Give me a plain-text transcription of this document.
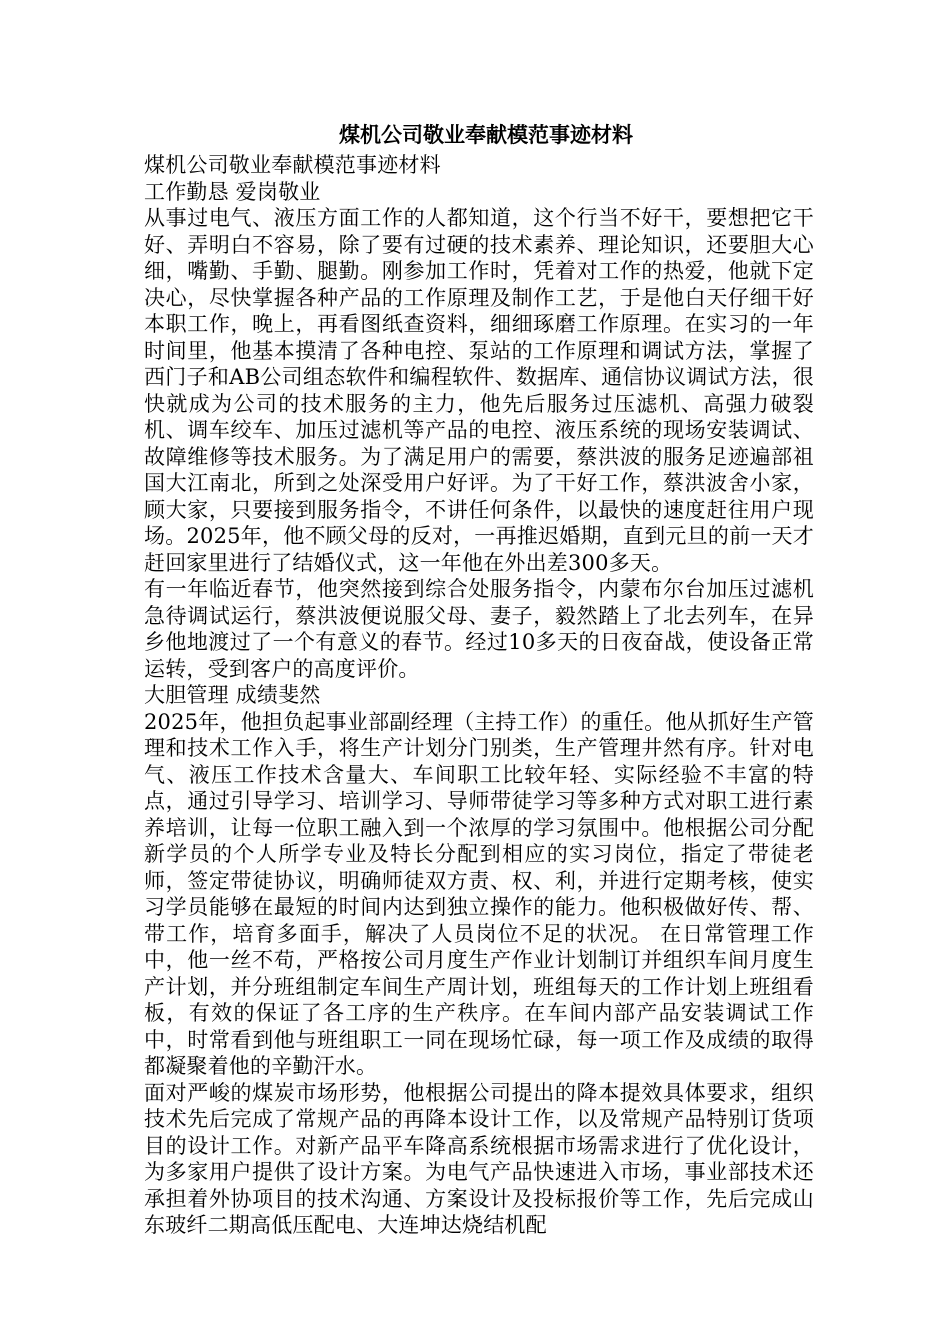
煤机公司敬业奉献模范事迹材料

煤机公司敬业奉献模范事迹材料

工作勤恳 爱岗敬业

从事过电气、液压方面工作的人都知道，这个行当不好干，要想把它干好、弄明白不容易，除了要有过硬的技术素养、理论知识，还要胆大心细，嘴勤、手勤、腿勤。刚参加工作时，凭着对工作的热爱，他就下定决心，尽快掌握各种产品的工作原理及制作工艺，于是他白天仔细干好本职工作，晚上，再看图纸查资料，细细琢磨工作原理。在实习的一年时间里，他基本摸清了各种电控、泵站的工作原理和调试方法，掌握了西门子和AB公司组态软件和编程软件、数据库、通信协议调试方法，很快就成为公司的技术服务的主力，他先后服务过压滤机、高强力破裂机、调车绞车、加压过滤机等产品的电控、液压系统的现场安装调试、故障维修等技术服务。为了满足用户的需要，蔡洪波的服务足迹遍部祖国大江南北，所到之处深受用户好评。为了干好工作，蔡洪波舍小家，顾大家，只要接到服务指令，不讲任何条件，以最快的速度赶往用户现场。2025年，他不顾父母的反对，一再推迟婚期，直到元旦的前一天才赶回家里进行了结婚仪式，这一年他在外出差300多天。

有一年临近春节，他突然接到综合处服务指令，内蒙布尔台加压过滤机急待调试运行，蔡洪波便说服父母、妻子，毅然踏上了北去列车，在异乡他地渡过了一个有意义的春节。经过10多天的日夜奋战，使设备正常运转，受到客户的高度评价。

大胆管理 成绩斐然

2025年，他担负起事业部副经理（主持工作）的重任。他从抓好生产管理和技术工作入手，将生产计划分门别类，生产管理井然有序。针对电气、液压工作技术含量大、车间职工比较年轻、实际经验不丰富的特点，通过引导学习、培训学习、导师带徒学习等多种方式对职工进行素养培训，让每一位职工融入到一个浓厚的学习氛围中。他根据公司分配新学员的个人所学专业及特长分配到相应的实习岗位，指定了带徒老师，签定带徒协议，明确师徒双方责、权、利，并进行定期考核，使实习学员能够在最短的时间内达到独立操作的能力。他积极做好传、帮、带工作，培育多面手，解决了人员岗位不足的状况。 在日常管理工作中，他一丝不苟，严格按公司月度生产作业计划制订并组织车间月度生产计划，并分班组制定车间生产周计划，班组每天的工作计划上班组看板，有效的保证了各工序的生产秩序。在车间内部产品安装调试工作中，时常看到他与班组职工一同在现场忙碌，每一项工作及成绩的取得都凝聚着他的辛勤汗水。

面对严峻的煤炭市场形势，他根据公司提出的降本提效具体要求，组织技术先后完成了常规产品的再降本设计工作，以及常规产品特别订货项目的设计工作。对新产品平车降高系统根据市场需求进行了优化设计，为多家用户提供了设计方案。为电气产品快速进入市场，事业部技术还承担着外协项目的技术沟通、方案设计及投标报价等工作，先后完成山东玻纤二期高低压配电、大连坤达烧结机配
